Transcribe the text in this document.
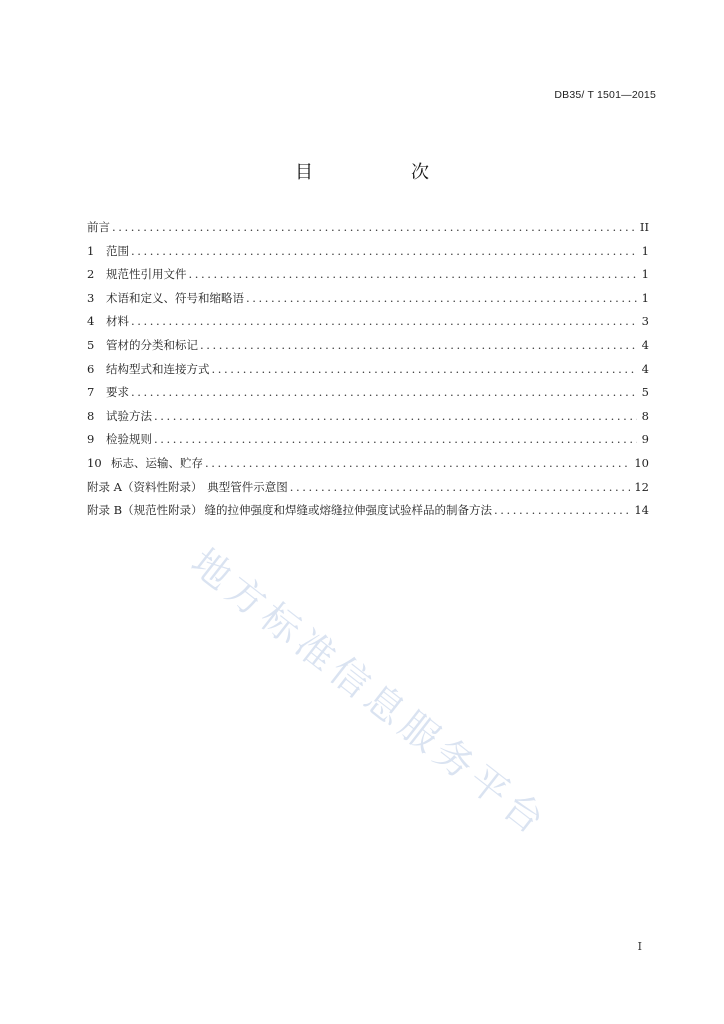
DB35/ T 1501—2015
目　次
前言 .....	II
1	范围 .....	1
2	规范性引用文件 .....	1
3	术语和定义、符号和缩略语 .....	1
4	材料 .....	3
5	管材的分类和标记 .....	4
6	结构型式和连接方式 .....	4
7	要求 .....	5
8	试验方法 .....	8
9	检验规则 .....	9
10 标志、运输、贮存 .....	10
附录 A（资料性附录） 典型管件示意图 .....	12
附录 B（规范性附录） 缝的拉伸强度和焊缝或熔缝拉伸强度试验样品的制备方法 .....	14
地方标准信息服务平台
I
